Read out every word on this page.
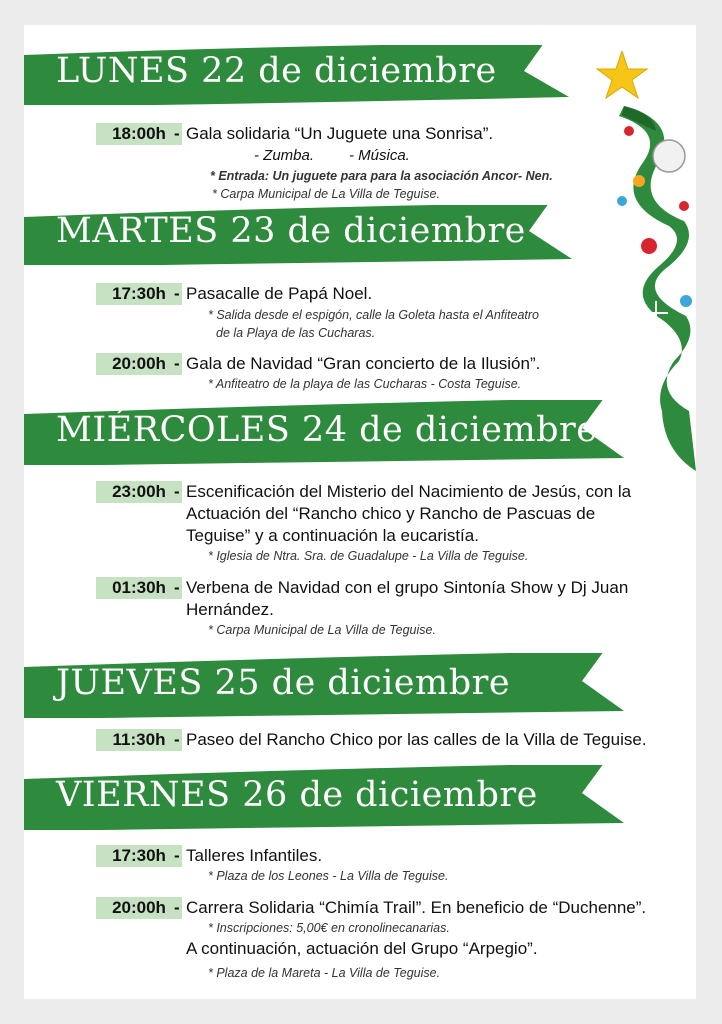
LUNES 22 de diciembre
18:00h - Gala solidaria “Un Juguete una Sonrisa”.
- Zumba. - Música.
* Entrada: Un juguete para para la asociación Ancor- Nen.
* Carpa Municipal de La Villa de Teguise.
MARTES 23 de diciembre
17:30h - Pasacalle de Papá Noel.
* Salida desde el espigón, calle la Goleta hasta el Anfiteatro
de la Playa de las Cucharas.
20:00h - Gala de Navidad “Gran concierto de la Ilusión”.
* Anfiteatro de la playa de las Cucharas - Costa Teguise.
MIÉRCOLES 24 de diciembre
23:00h - Escenificación del Misterio del Nacimiento de Jesús, con la Actuación del “Rancho chico y Rancho de Pascuas de Teguise” y a continuación la eucaristía.
* Iglesia de Ntra. Sra. de Guadalupe - La Villa de Teguise.
01:30h - Verbena de Navidad con el grupo Sintonía Show y Dj Juan Hernández.
* Carpa Municipal de La Villa de Teguise.
JUEVES 25 de diciembre
11:30h - Paseo del Rancho Chico por las calles de la Villa de Teguise.
VIERNES 26 de diciembre
17:30h - Talleres Infantiles.
* Plaza de los Leones - La Villa de Teguise.
20:00h - Carrera Solidaria “Chimía Trail”. En beneficio de “Duchenne”.
* Inscripciones: 5,00€ en cronolinecanarias.
A continuación, actuación del Grupo “Arpegio”.
* Plaza de la Mareta - La Villa de Teguise.
